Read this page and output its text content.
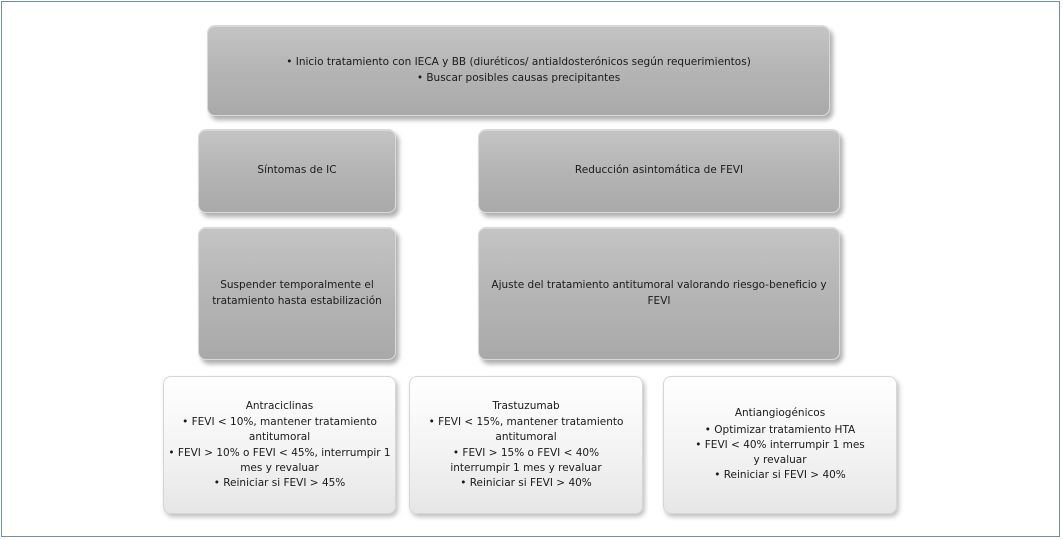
• Inicio tratamiento con IECA y BB (diuréticos/ antialdosterónicos según requerimientos)
• Buscar posibles causas precipitantes
Síntomas de IC	Reducción asintomática de FEVI
Suspender temporalmente el
tratamiento hasta estabilización
Ajuste del tratamiento antitumoral valorando riesgo-beneficio y FEVI
Antraciclinas
• FEVI < 10%, mantener tratamiento
antitumoral
• FEVI > 10% o FEVI < 45%, interrumpir 1
mes y revaluar
• Reiniciar si FEVI > 45%
Trastuzumab
• FEVI < 15%, mantener tratamiento
antitumoral
• FEVI > 15% o FEVI < 40%
interrumpir 1 mes y revaluar
• Reiniciar si FEVI > 40%
Antiangiogénicos
• Optimizar tratamiento HTA
• FEVI < 40% interrumpir 1 mes
y revaluar
• Reiniciar si FEVI > 40%
